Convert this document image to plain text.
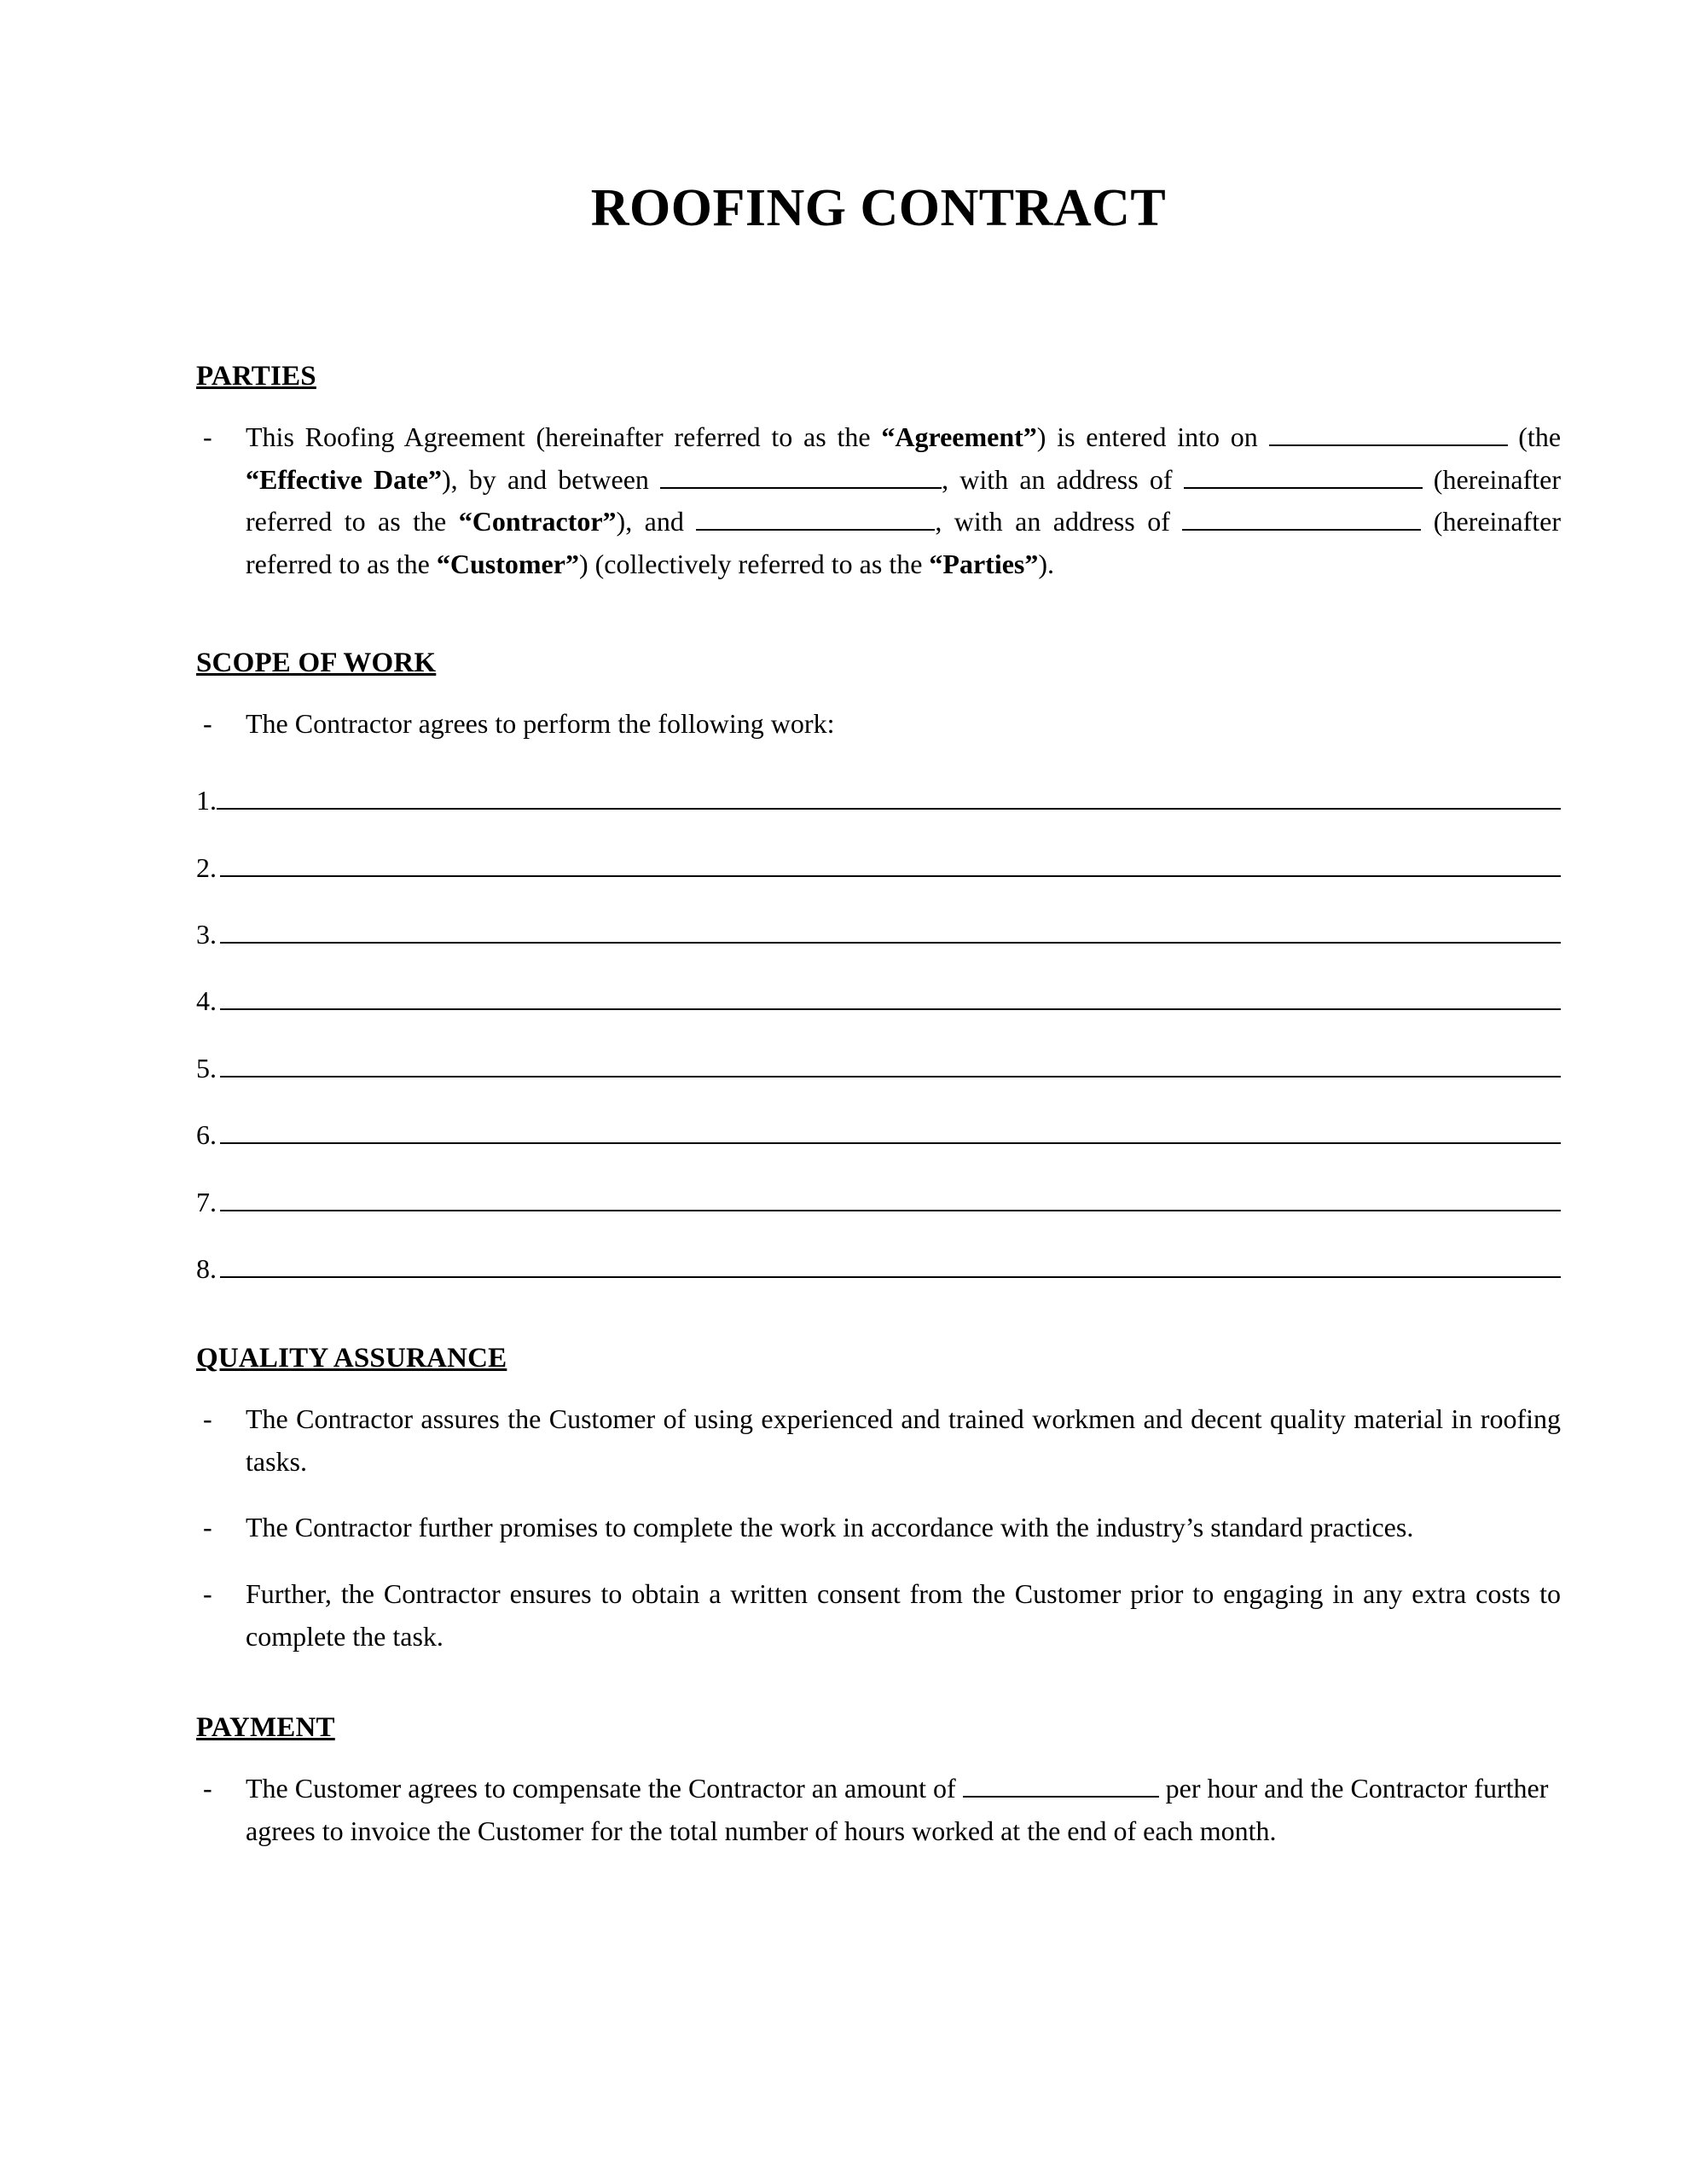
ROOFING CONTRACT
PARTIES
-	This Roofing Agreement (hereinafter referred to as the “Agreement”) is entered into on	(the “Effective Date”), by and between	, with an address of	(hereinafter referred to as the “Contractor”), and	, with an address of	(hereinafter referred to as the “Customer”) (collectively referred to as the “Parties”).
SCOPE OF WORK
-	The Contractor agrees to perform the following work:
1.
2.
3.
4.
5.
6.
7.
8.
QUALITY ASSURANCE
-	The Contractor assures the Customer of using experienced and trained workmen and decent quality material in roofing tasks.
-	The Contractor further promises to complete the work in accordance with the industry’s standard practices.
-	Further, the Contractor ensures to obtain a written consent from the Customer prior to engaging in any extra costs to complete the task.
PAYMENT
-	The Customer agrees to compensate the Contractor an amount of	per hour and the Contractor further agrees to invoice the Customer for the total number of hours worked at the end of each month.
